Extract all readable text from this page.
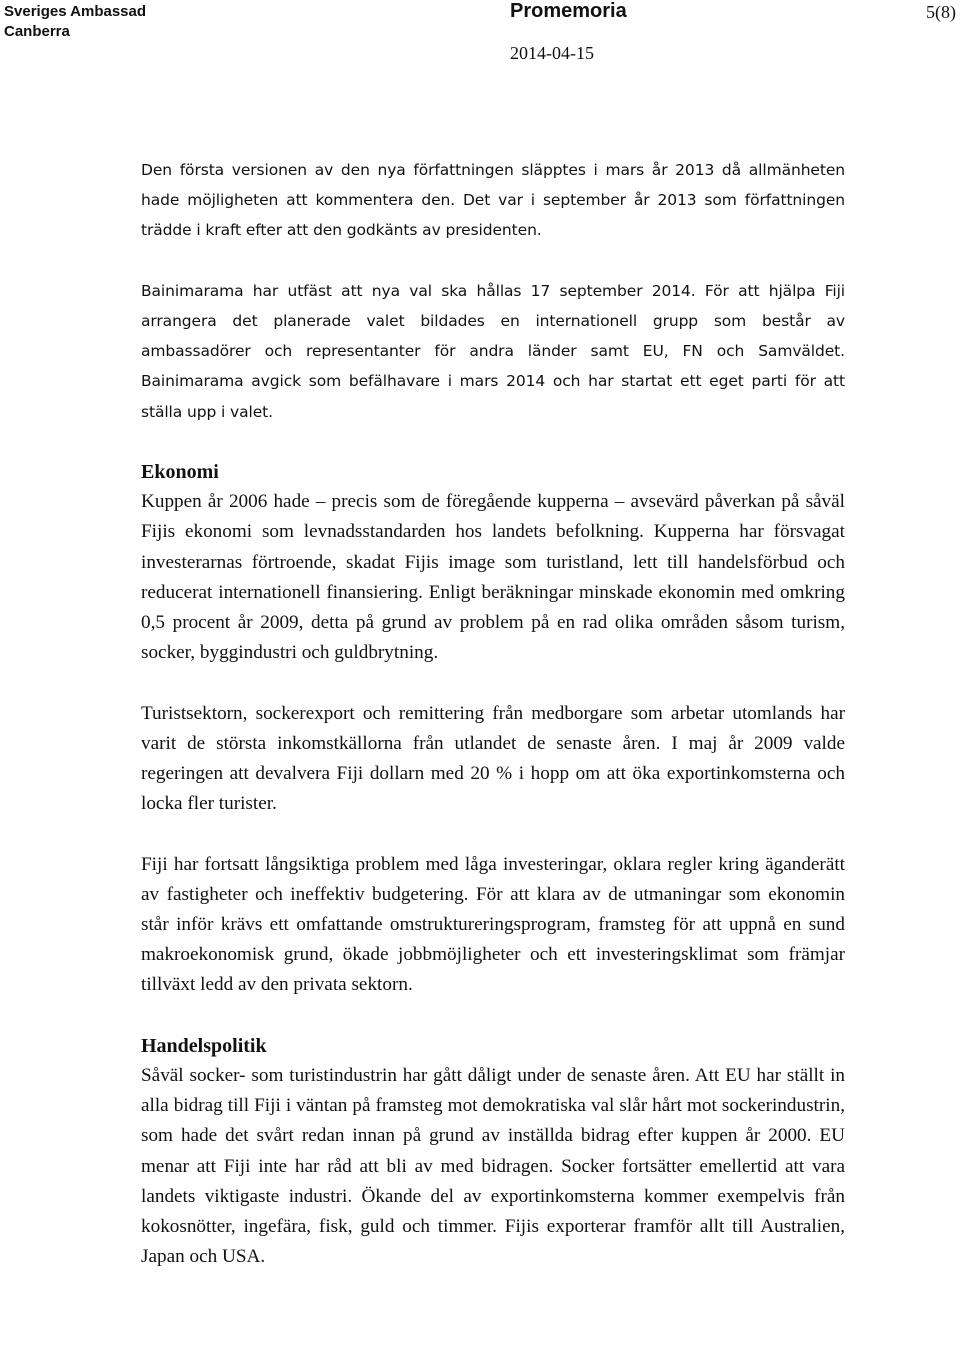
Sveriges Ambassad
Canberra
Promemoria	5(8)
2014-04-15

Den första versionen av den nya författningen släpptes i mars år 2013 då allmänheten hade möjligheten att kommentera den. Det var i september år 2013 som författningen trädde i kraft efter att den godkänts av presidenten.

Bainimarama har utfäst att nya val ska hållas 17 september 2014. För att hjälpa Fiji arrangera det planerade valet bildades en internationell grupp som består av ambassadörer och representanter för andra länder samt EU, FN och Samväldet. Bainimarama avgick som befälhavare i mars 2014 och har startat ett eget parti för att ställa upp i valet.

Ekonomi

Kuppen år 2006 hade – precis som de föregående kupperna – avsevärd påverkan på såväl Fijis ekonomi som levnadsstandarden hos landets befolkning. Kupperna har försvagat investerarnas förtroende, skadat Fijis image som turistland, lett till handelsförbud och reducerat internationell finansiering. Enligt beräkningar minskade ekonomin med omkring 0,5 procent år 2009, detta på grund av problem på en rad olika områden såsom turism, socker, byggindustri och guldbrytning.

Turistsektorn, sockerexport och remittering från medborgare som arbetar utomlands har varit de största inkomstkällorna från utlandet de senaste åren. I maj år 2009 valde regeringen att devalvera Fiji dollarn med 20 % i hopp om att öka exportinkomsterna och locka fler turister.

Fiji har fortsatt långsiktiga problem med låga investeringar, oklara regler kring äganderätt av fastigheter och ineffektiv budgetering. För att klara av de utmaningar som ekonomin står inför krävs ett omfattande omstruktureringsprogram, framsteg för att uppnå en sund makroekonomisk grund, ökade jobbmöjligheter och ett investeringsklimat som främjar tillväxt ledd av den privata sektorn.

Handelspolitik

Såväl socker- som turistindustrin har gått dåligt under de senaste åren. Att EU har ställt in alla bidrag till Fiji i väntan på framsteg mot demokratiska val slår hårt mot sockerindustrin, som hade det svårt redan innan på grund av inställda bidrag efter kuppen år 2000. EU menar att Fiji inte har råd att bli av med bidragen. Socker fortsätter emellertid att vara landets viktigaste industri. Ökande del av exportinkomsterna kommer exempelvis från kokosnötter, ingefära, fisk, guld och timmer. Fijis exporterar framför allt till Australien, Japan och USA.
